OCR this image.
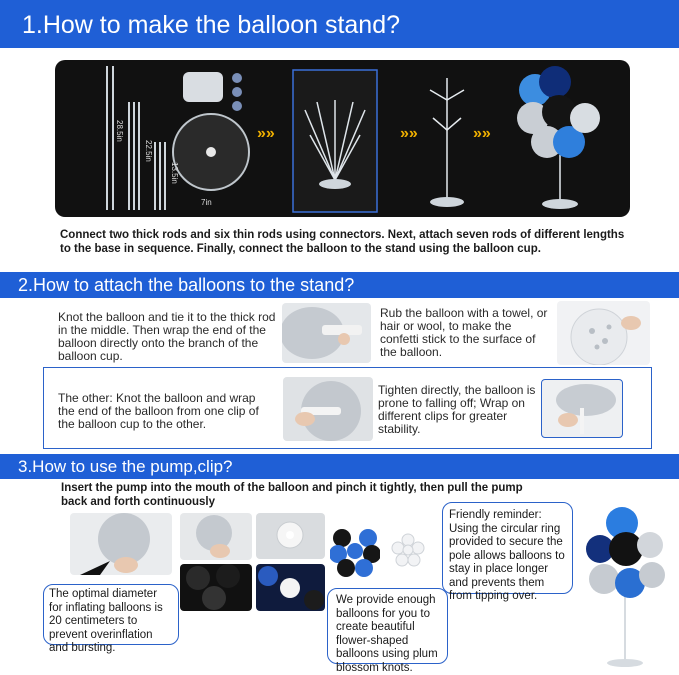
1.How to make the balloon stand?
»»	»»	»»
28.5in
22.5in
13.5in
7in
Connect two thick rods and six thin rods using connectors. Next, attach seven rods of different lengths to the base in sequence. Finally, connect the balloon to the stand using the balloon cup.
2.How to attach the balloons to the stand?
Knot the balloon and tie it to the thick rod in the middle. Then wrap the end of the balloon directly onto the branch of the balloon cup.
Rub the balloon with a towel, or hair or wool, to make the confetti stick to the surface of the balloon.
The other: Knot the balloon and wrap the end of the balloon from one clip of the balloon cup to the other.
Tighten directly, the balloon is prone to falling off; Wrap on different clips for greater stability.
3.How to use the pump,clip?
Insert the pump into the mouth of the balloon and pinch it tightly, then pull the pump back and forth continuously
The optimal diameter for inflating balloons is 20 centimeters to prevent overinflation and bursting.
We provide enough balloons for you to create beautiful flower-shaped balloons using plum blossom knots.
Friendly reminder: Using the circular ring provided to secure the pole allows balloons to stay in place longer and prevents them from tipping over.
